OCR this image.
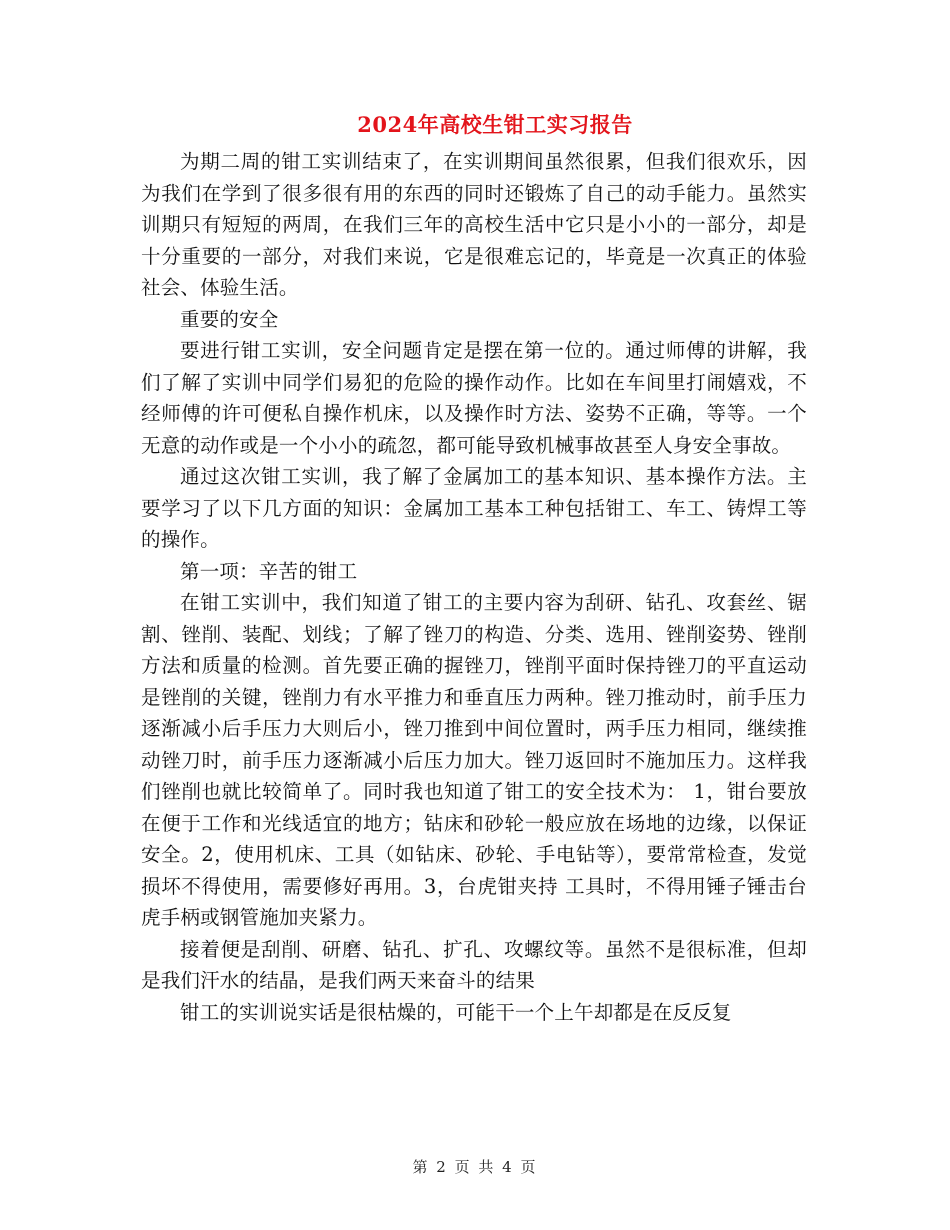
2024年高校生钳工实习报告

为期二周的钳工实训结束了，在实训期间虽然很累，但我们很欢乐，因为我们在学到了很多很有用的东西的同时还锻炼了自己的动手能力。虽然实训期只有短短的两周，在我们三年的高校生活中它只是小小的一部分，却是十分重要的一部分，对我们来说，它是很难忘记的，毕竟是一次真正的体验社会、体验生活。

重要的安全

要进行钳工实训，安全问题肯定是摆在第一位的。通过师傅的讲解，我们了解了实训中同学们易犯的危险的操作动作。比如在车间里打闹嬉戏，不经师傅的许可便私自操作机床，以及操作时方法、姿势不正确，等等。一个无意的动作或是一个小小的疏忽，都可能导致机械事故甚至人身安全事故。

通过这次钳工实训，我了解了金属加工的基本知识、基本操作方法。主要学习了以下几方面的知识：金属加工基本工种包括钳工、车工、铸焊工等的操作。

第一项：辛苦的钳工

在钳工实训中，我们知道了钳工的主要内容为刮研、钻孔、攻套丝、锯割、锉削、装配、划线；了解了锉刀的构造、分类、选用、锉削姿势、锉削方法和质量的检测。首先要正确的握锉刀，锉削平面时保持锉刀的平直运动是锉削的关键，锉削力有水平推力和垂直压力两种。锉刀推动时，前手压力逐渐减小后手压力大则后小，锉刀推到中间位置时，两手压力相同，继续推动锉刀时，前手压力逐渐减小后压力加大。锉刀返回时不施加压力。这样我们锉削也就比较简单了。同时我也知道了钳工的安全技术为： 1，钳台要放在便于工作和光线适宜的地方；钻床和砂轮一般应放在场地的边缘，以保证安全。2，使用机床、工具（如钻床、砂轮、手电钻等），要常常检查，发觉损坏不得使用，需要修好再用。3，台虎钳夹持 工具时，不得用锤子锤击台虎手柄或钢管施加夹紧力。

接着便是刮削、研磨、钻孔、扩孔、攻螺纹等。虽然不是很标准，但却是我们汗水的结晶，是我们两天来奋斗的结果

钳工的实训说实话是很枯燥的，可能干一个上午却都是在反反复

第 2 页 共 4 页
